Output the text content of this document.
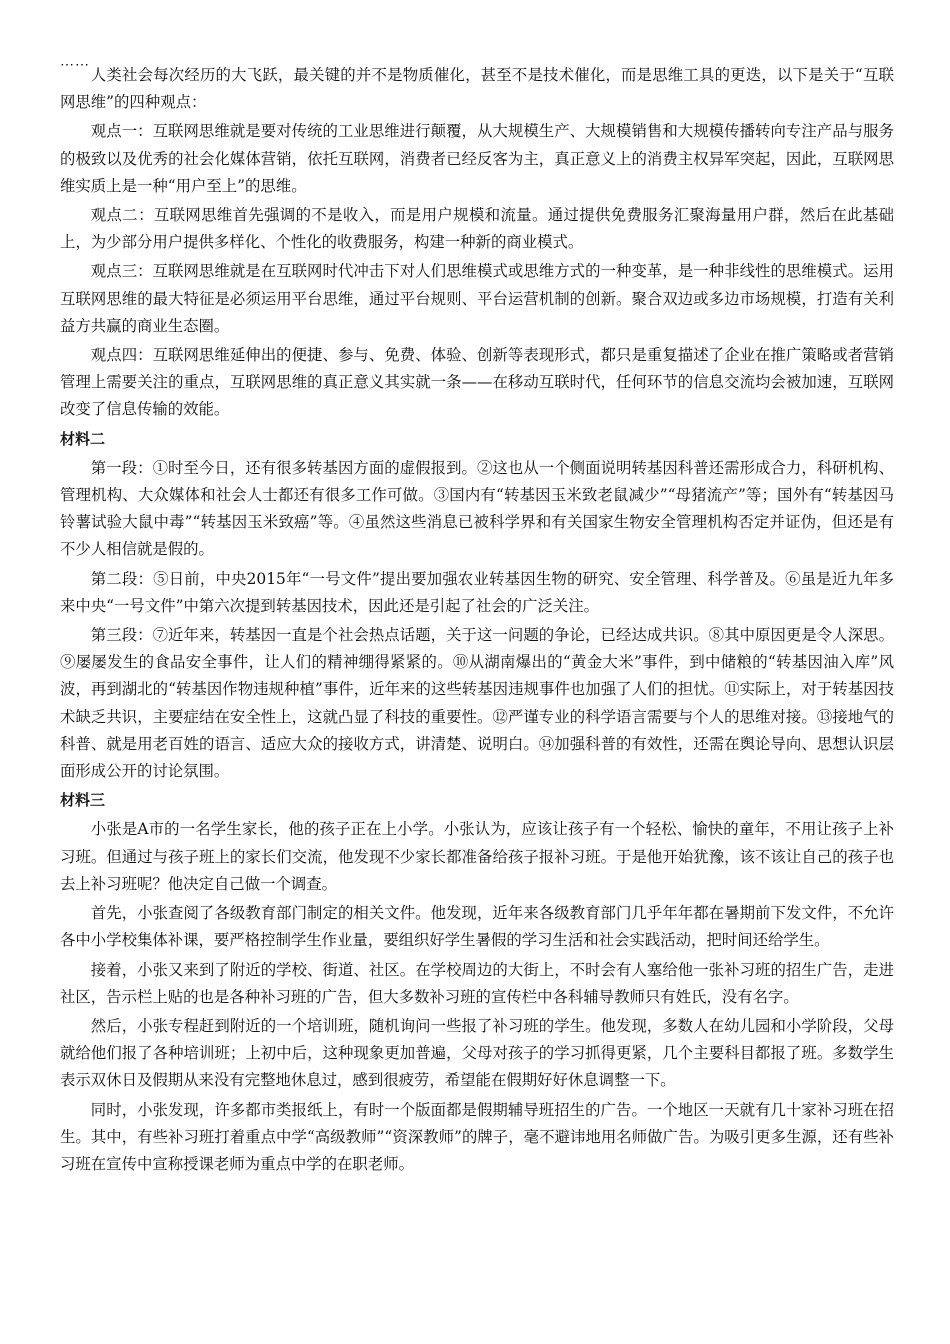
⋯⋯

人类社会每次经历的大飞跃，最关键的并不是物质催化，甚至不是技术催化，而是思维工具的更迭，以下是关于“互联网思维”的四种观点：

观点一：互联网思维就是要对传统的工业思维进行颠覆，从大规模生产、大规模销售和大规模传播转向专注产品与服务的极致以及优秀的社会化媒体营销，依托互联网，消费者已经反客为主，真正意义上的消费主权异军突起，因此，互联网思维实质上是一种“用户至上”的思维。

观点二：互联网思维首先强调的不是收入，而是用户规模和流量。通过提供免费服务汇聚海量用户群，然后在此基础上，为少部分用户提供多样化、个性化的收费服务，构建一种新的商业模式。

观点三：互联网思维就是在互联网时代冲击下对人们思维模式或思维方式的一种变革，是一种非线性的思维模式。运用互联网思维的最大特征是必须运用平台思维，通过平台规则、平台运营机制的创新。聚合双边或多边市场规模，打造有关利益方共赢的商业生态圈。

观点四：互联网思维延伸出的便捷、参与、免费、体验、创新等表现形式，都只是重复描述了企业在推广策略或者营销管理上需要关注的重点，互联网思维的真正意义其实就一条——在移动互联时代，任何环节的信息交流均会被加速，互联网改变了信息传输的效能。

材料二

第一段：①时至今日，还有很多转基因方面的虚假报到。②这也从一个侧面说明转基因科普还需形成合力，科研机构、管理机构、大众媒体和社会人士都还有很多工作可做。③国内有“转基因玉米致老鼠减少”“母猪流产”等；国外有“转基因马铃薯试验大鼠中毒”“转基因玉米致癌”等。④虽然这些消息已被科学界和有关国家生物安全管理机构否定并证伪，但还是有不少人相信就是假的。

第二段：⑤日前，中央2015年“一号文件”提出要加强农业转基因生物的研究、安全管理、科学普及。⑥虽是近九年多来中央“一号文件”中第六次提到转基因技术，因此还是引起了社会的广泛关注。

第三段：⑦近年来，转基因一直是个社会热点话题，关于这一问题的争论，已经达成共识。⑧其中原因更是令人深思。⑨屡屡发生的食品安全事件，让人们的精神绷得紧紧的。⑩从湖南爆出的“黄金大米”事件，到中储粮的“转基因油入库”风波，再到湖北的“转基因作物违规种植”事件，近年来的这些转基因违规事件也加强了人们的担忧。⑪实际上，对于转基因技术缺乏共识，主要症结在安全性上，这就凸显了科技的重要性。⑫严谨专业的科学语言需要与个人的思维对接。⑬接地气的科普、就是用老百姓的语言、适应大众的接收方式，讲清楚、说明白。⑭加强科普的有效性，还需在舆论导向、思想认识层面形成公开的讨论氛围。

材料三

小张是A市的一名学生家长，他的孩子正在上小学。小张认为，应该让孩子有一个轻松、愉快的童年，不用让孩子上补习班。但通过与孩子班上的家长们交流，他发现不少家长都准备给孩子报补习班。于是他开始犹豫，该不该让自己的孩子也去上补习班呢？他决定自己做一个调查。

首先，小张查阅了各级教育部门制定的相关文件。他发现，近年来各级教育部门几乎年年都在暑期前下发文件，不允许各中小学校集体补课，要严格控制学生作业量，要组织好学生暑假的学习生活和社会实践活动，把时间还给学生。

接着，小张又来到了附近的学校、街道、社区。在学校周边的大街上，不时会有人塞给他一张补习班的招生广告，走进社区，告示栏上贴的也是各种补习班的广告，但大多数补习班的宣传栏中各科辅导教师只有姓氏，没有名字。

然后，小张专程赶到附近的一个培训班，随机询问一些报了补习班的学生。他发现，多数人在幼儿园和小学阶段，父母就给他们报了各种培训班；上初中后，这种现象更加普遍，父母对孩子的学习抓得更紧，几个主要科目都报了班。多数学生表示双休日及假期从来没有完整地休息过，感到很疲劳，希望能在假期好好休息调整一下。

同时，小张发现，许多都市类报纸上，有时一个版面都是假期辅导班招生的广告。一个地区一天就有几十家补习班在招生。其中，有些补习班打着重点中学“高级教师”“资深教师”的牌子，毫不避讳地用名师做广告。为吸引更多生源，还有些补习班在宣传中宣称授课老师为重点中学的在职老师。
